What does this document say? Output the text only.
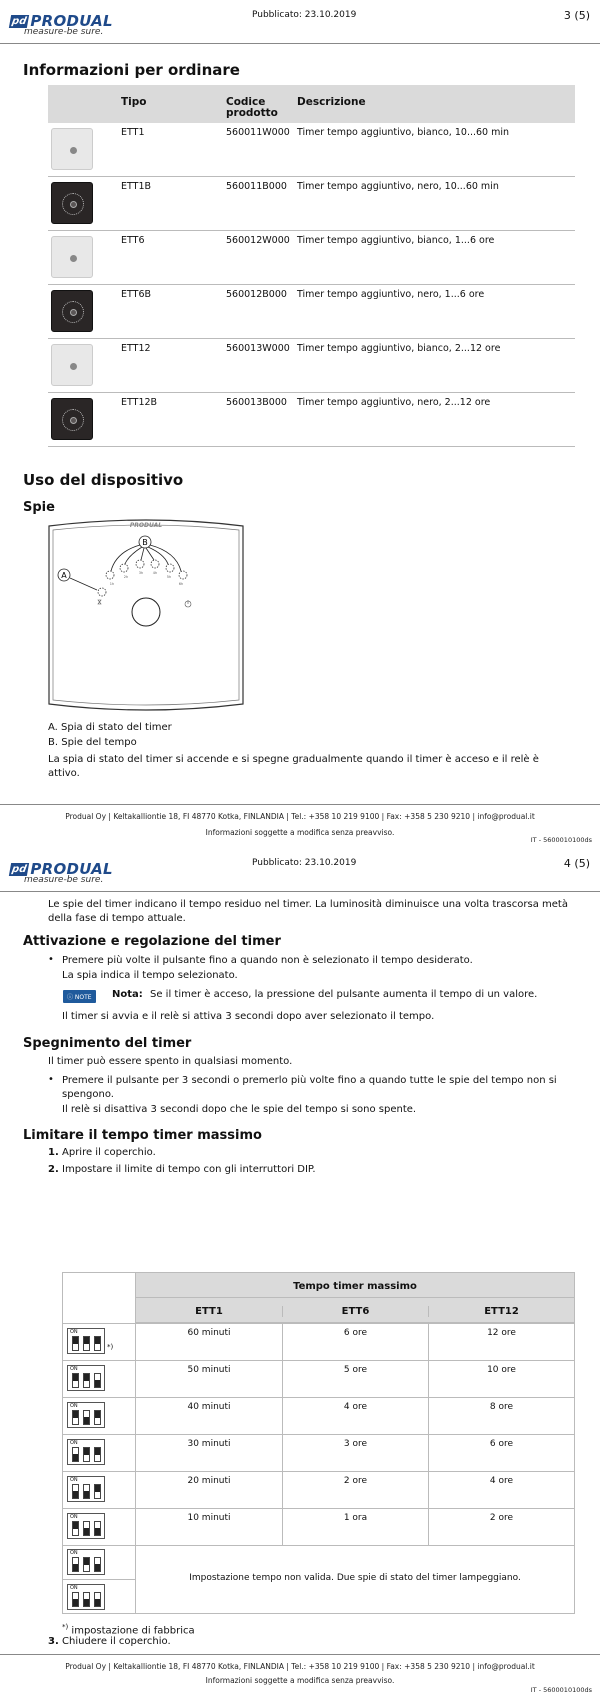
pd PRODUAL
measure-be sure.
Pubblicato: 23.10.2019	3 (5)
Informazioni per ordinare
Tipo	Codice prodotto
Descrizione
ETT1	560011W000 Timer tempo aggiuntivo, bianco, 10...60 min
ETT1B	560011B000 Timer tempo aggiuntivo, nero, 10...60 min
ETT6	560012W000 Timer tempo aggiuntivo, bianco, 1...6 ore
ETT6B	560012B000 Timer tempo aggiuntivo, nero, 1...6 ore
ETT12	560013W000 Timer tempo aggiuntivo, bianco, 2...12 ore
ETT12B	560013B000 Timer tempo aggiuntivo, nero, 2...12 ore
Uso del dispositivo
Spie
PRODUAL
1h
2h
3h	4h
5h
6h
A
B
A. Spia di stato del timer
B. Spie del tempo
La spia di stato del timer si accende e si spegne gradualmente quando il timer è acceso e il relè è attivo.
Produal Oy | Keltakalliontie 18, FI 48770 Kotka, FINLANDIA | Tel.: +358 10 219 9100 | Fax: +358 5 230 9210 | info@produal.it
Informazioni soggette a modifica senza preavviso.
IT - 5600010100ds
pd PRODUAL
measure-be sure.
Pubblicato: 23.10.2019	4 (5)
Le spie del timer indicano il tempo residuo nel timer. La luminosità diminuisce una volta trascorsa metà della fase di tempo attuale.
Attivazione e regolazione del timer
• Premere più volte il pulsante fino a quando non è selezionato il tempo desiderato.
La spia indica il tempo selezionato.
ⓘ NOTE	Nota: Se il timer è acceso, la pressione del pulsante aumenta il tempo di un valore.
Il timer si avvia e il relè si attiva 3 secondi dopo aver selezionato il tempo.
Spegnimento del timer
Il timer può essere spento in qualsiasi momento.
• Premere il pulsante per 3 secondi o premerlo più volte fino a quando tutte le spie del tempo non si spengono.
Il relè si disattiva 3 secondi dopo che le spie del tempo si sono spente.
Limitare il tempo timer massimo
1. Aprire il coperchio.
2. Impostare il limite di tempo con gli interruttori DIP.
Tempo timer massimo
ETT1	ETT6	ETT12
ON
*)
60 minuti	6 ore	12 ore
ON	50 minuti	5 ore	10 ore
ON	40 minuti	4 ore	8 ore
ON	30 minuti	3 ore	6 ore
ON	20 minuti	2 ore	4 ore
ON	10 minuti	1 ora	2 ore
Impostazione tempo non valida. Due spie di stato del timer lampeggiano.
ON
ON
*) impostazione di fabbrica
3. Chiudere il coperchio.
Produal Oy | Keltakalliontie 18, FI 48770 Kotka, FINLANDIA | Tel.: +358 10 219 9100 | Fax: +358 5 230 9210 | info@produal.it
Informazioni soggette a modifica senza preavviso.
IT - 5600010100ds
